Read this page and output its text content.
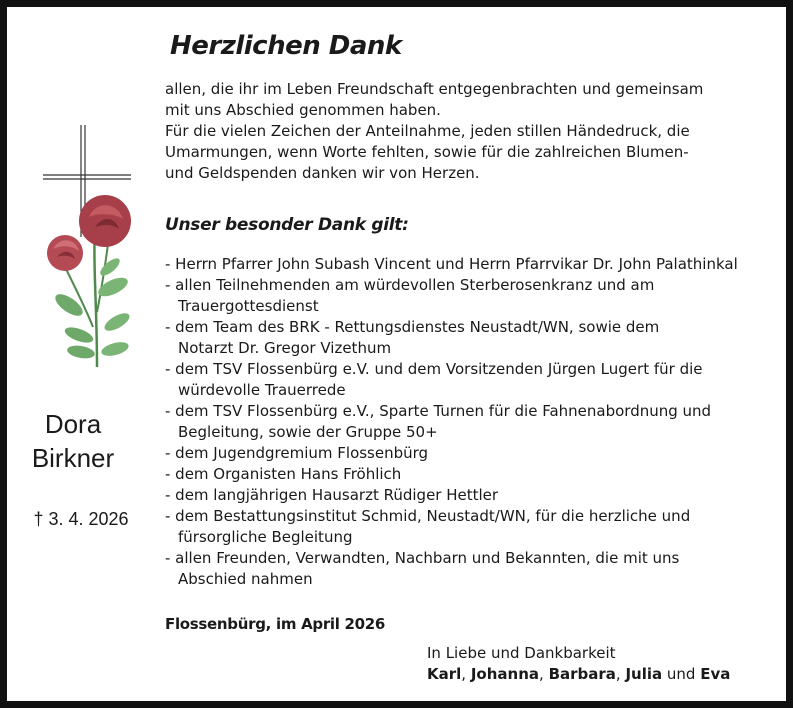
Herzlichen Dank

allen, die ihr im Leben Freundschaft entgegenbrachten und gemeinsam

mit uns Abschied genommen haben.

Für die vielen Zeichen der Anteilnahme, jeden stillen Händedruck, die

Umarmungen, wenn Worte fehlten, sowie für die zahlreichen Blumen-

und Geldspenden danken wir von Herzen.

Unser besonder Dank gilt:
- Herrn Pfarrer John Subash Vincent und Herrn Pfarrvikar Dr. John Palathinkal
- allen Teilnehmenden am würdevollen Sterberosenkranz und am Trauergottesdienst
- dem Team des BRK - Rettungsdienstes Neustadt/WN, sowie dem Notarzt Dr. Gregor Vizethum
- dem TSV Flossenbürg e.V. und dem Vorsitzenden Jürgen Lugert für die würdevolle Trauerrede
- dem TSV Flossenbürg e.V., Sparte Turnen für die Fahnenabordnung und Begleitung, sowie der Gruppe 50+
- dem Jugendgremium Flossenbürg
- dem Organisten Hans Fröhlich
- dem langjährigen Hausarzt Rüdiger Hettler
- dem Bestattungsinstitut Schmid, Neustadt/WN, für die herzliche und fürsorgliche Begleitung
- allen Freunden, Verwandten, Nachbarn und Bekannten, die mit uns Abschied nahmen
Flossenbürg, im April 2026
In Liebe und Dankbarkeit
Karl, Johanna, Barbara, Julia und Eva
Dora
Birkner
† 3. 4. 2026
